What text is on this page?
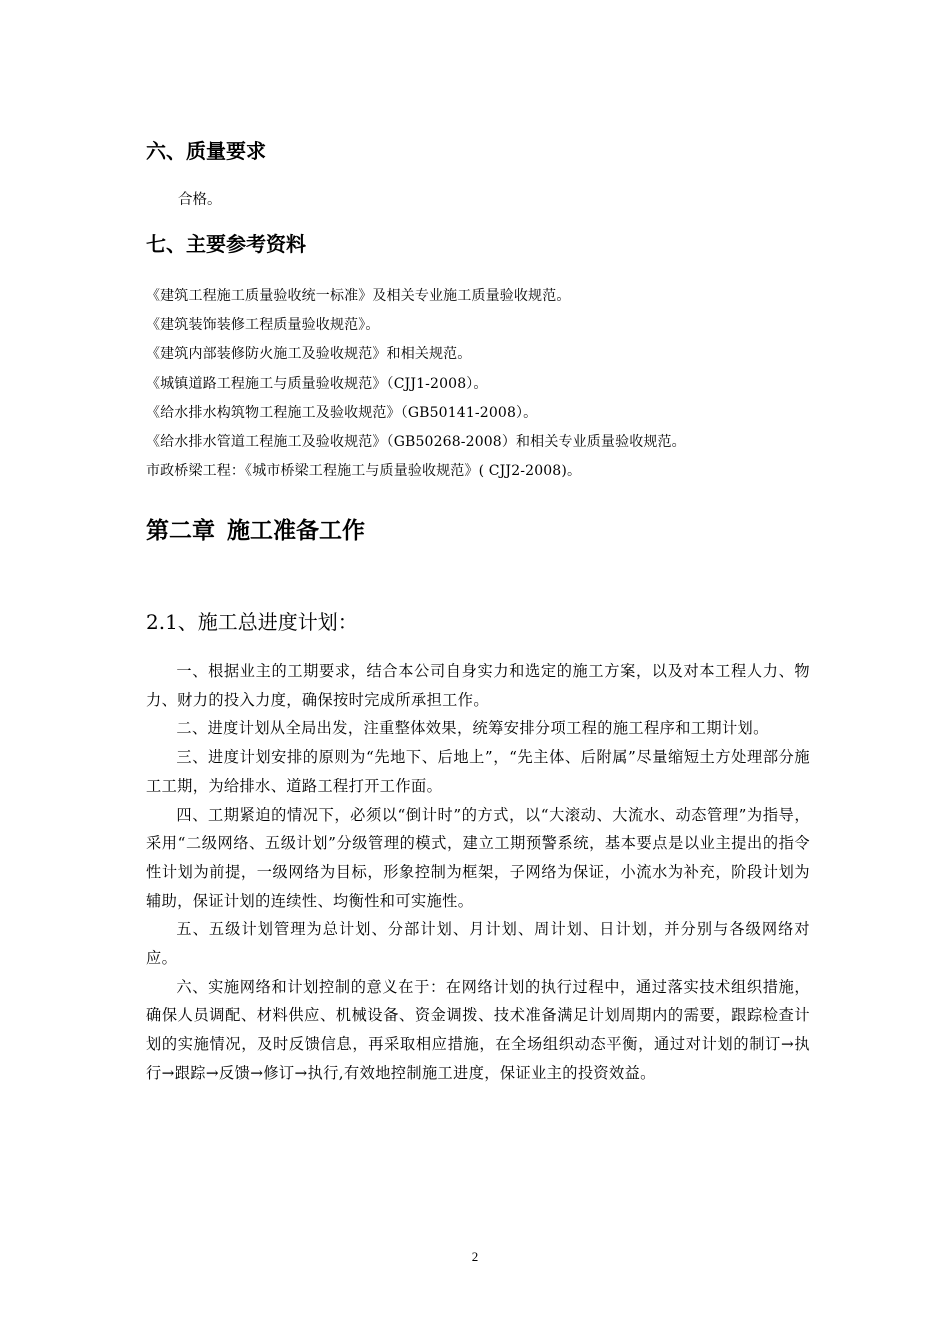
六、质量要求
合格。
七、主要参考资料
《建筑工程施工质量验收统一标准》及相关专业施工质量验收规范。
《建筑装饰装修工程质量验收规范》。
《建筑内部装修防火施工及验收规范》和相关规范。
《城镇道路工程施工与质量验收规范》（CJJ1-2008）。
《给水排水构筑物工程施工及验收规范》（GB50141-2008）。
《给水排水管道工程施工及验收规范》（GB50268-2008）和相关专业质量验收规范。
市政桥梁工程：《城市桥梁工程施工与质量验收规范》( CJJ2-2008)。
第二章 施工准备工作
2.1、施工总进度计划：

一、根据业主的工期要求，结合本公司自身实力和选定的施工方案，以及对本工程人力、物力、财力的投入力度，确保按时完成所承担工作。

二、进度计划从全局出发，注重整体效果，统筹安排分项工程的施工程序和工期计划。

三、进度计划安排的原则为“先地下、后地上”，“先主体、后附属”尽量缩短土方处理部分施工工期，为给排水、道路工程打开工作面。

四、工期紧迫的情况下，必须以“倒计时”的方式，以“大滚动、大流水、动态管理”为指导，采用“二级网络、五级计划”分级管理的模式，建立工期预警系统，基本要点是以业主提出的指令性计划为前提，一级网络为目标，形象控制为框架，子网络为保证，小流水为补充，阶段计划为辅助，保证计划的连续性、均衡性和可实施性。

五、五级计划管理为总计划、分部计划、月计划、周计划、日计划，并分别与各级网络对应。

六、实施网络和计划控制的意义在于：在网络计划的执行过程中，通过落实技术组织措施，确保人员调配、材料供应、机械设备、资金调拨、技术准备满足计划周期内的需要，跟踪检查计划的实施情况，及时反馈信息，再采取相应措施，在全场组织动态平衡，通过对计划的制订→执行→跟踪→反馈→修订→执行,有效地控制施工进度，保证业主的投资效益。

2
